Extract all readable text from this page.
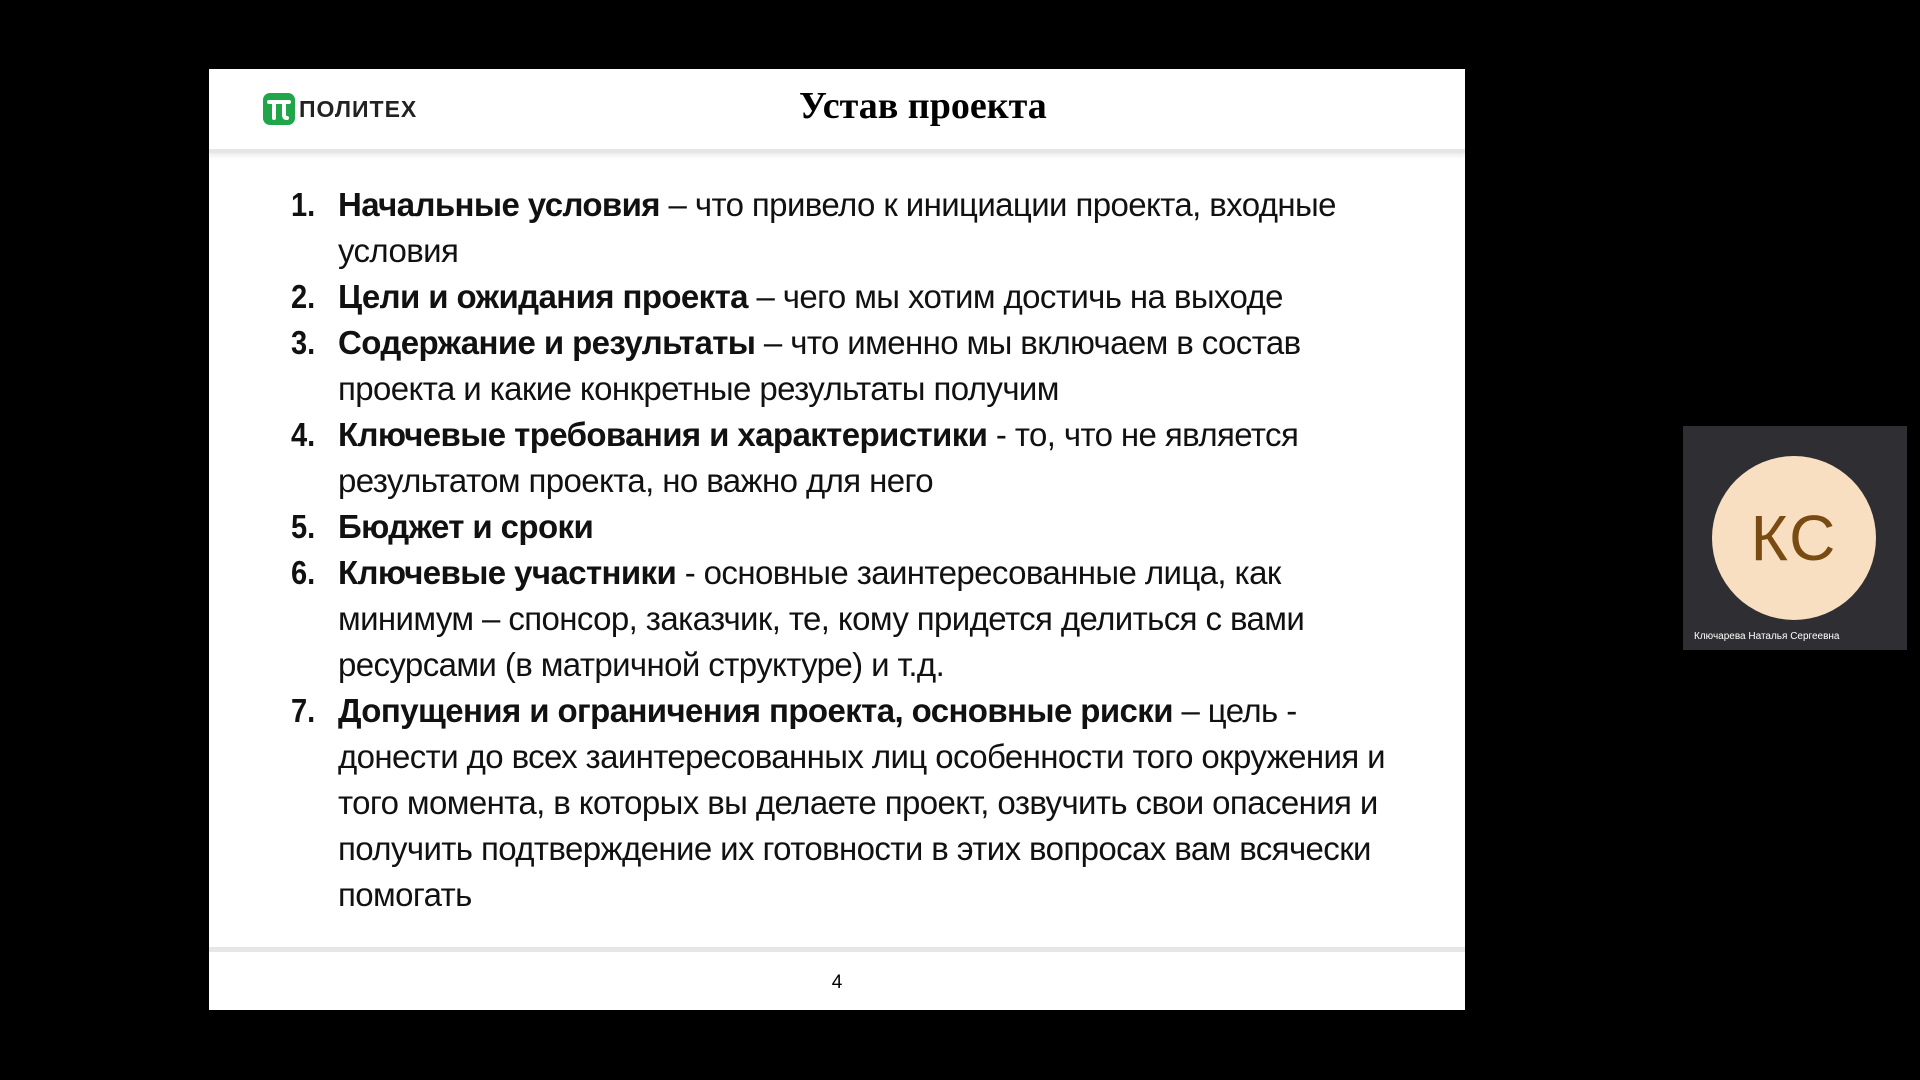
ПОЛИТЕХ	Устав проекта
1. Начальные условия – что привело к инициации проекта, входные условия
2. Цели и ожидания проекта – чего мы хотим достичь на выходе
3. Содержание и результаты – что именно мы включаем в состав проекта и какие конкретные результаты получим
4. Ключевые требования и характеристики - то, что не является результатом проекта, но важно для него
5. Бюджет и сроки
6. Ключевые участники - основные заинтересованные лица, как минимум – спонсор, заказчик, те, кому придется делиться с вами ресурсами (в матричной структуре) и т.д.
7. Допущения и ограничения проекта, основные риски – цель - донести до всех заинтересованных лиц особенности того окружения и того момента, в которых вы делаете проект, озвучить свои опасения и получить подтверждение их готовности в этих вопросах вам всячески помогать
4
КС
Ключарева Наталья Сергеевна
